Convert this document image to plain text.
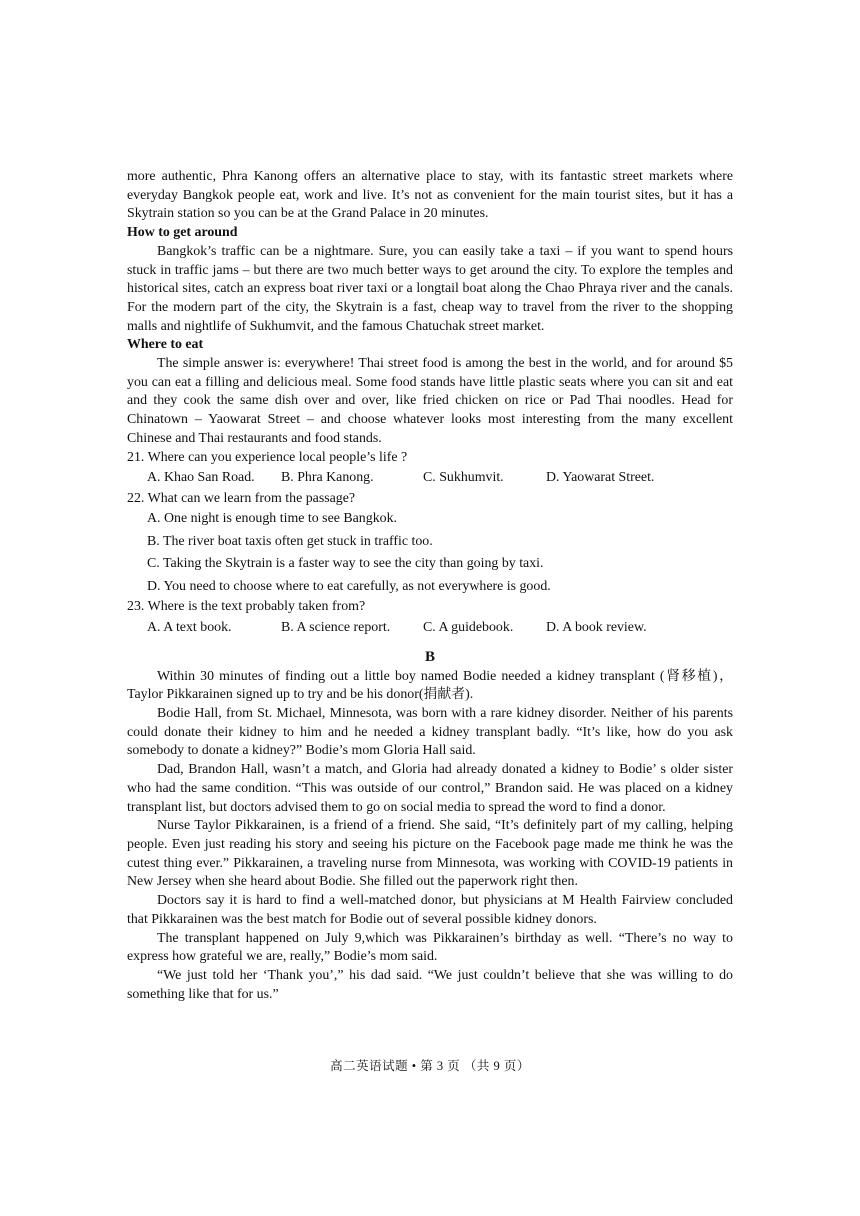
more authentic, Phra Kanong offers an alternative place to stay, with its fantastic street markets where everyday Bangkok people eat, work and live. It’s not as convenient for the main tourist sites, but it has a Skytrain station so you can be at the Grand Palace in 20 minutes.

How to get around

Bangkok’s traffic can be a nightmare. Sure, you can easily take a taxi – if you want to spend hours stuck in traffic jams – but there are two much better ways to get around the city. To explore the temples and historical sites, catch an express boat river taxi or a longtail boat along the Chao Phraya river and the canals. For the modern part of the city, the Skytrain is a fast, cheap way to travel from the river to the shopping malls and nightlife of Sukhumvit, and the famous Chatuchak street market.

Where to eat

The simple answer is: everywhere! Thai street food is among the best in the world, and for around $5 you can eat a filling and delicious meal. Some food stands have little plastic seats where you can sit and eat and they cook the same dish over and over, like fried chicken on rice or Pad Thai noodles. Head for Chinatown – Yaowarat Street – and choose whatever looks most interesting from the many excellent Chinese and Thai restaurants and food stands.

21. Where can you experience local people’s life ?

A. Khao San Road.	B. Phra Kanong.	C. Sukhumvit.	D. Yaowarat Street.

22. What can we learn from the passage?

A. One night is enough time to see Bangkok.

B. The river boat taxis often get stuck in traffic too.

C. Taking the Skytrain is a faster way to see the city than going by taxi.

D. You need to choose where to eat carefully, as not everywhere is good.

23. Where is the text probably taken from?

A. A text book.	B. A science report.	C. A guidebook.	D. A book review.

B

Within 30 minutes of finding out a little boy named Bodie needed a kidney transplant (肾移植)，Taylor Pikkarainen signed up to try and be his donor(捐献者).

Bodie Hall, from St. Michael, Minnesota, was born with a rare kidney disorder. Neither of his parents could donate their kidney to him and he needed a kidney transplant badly. “It’s like, how do you ask somebody to donate a kidney?” Bodie’s mom Gloria Hall said.

Dad, Brandon Hall, wasn’t a match, and Gloria had already donated a kidney to Bodie’ s older sister who had the same condition. “This was outside of our control,” Brandon said. He was placed on a kidney transplant list, but doctors advised them to go on social media to spread the word to find a donor.

Nurse Taylor Pikkarainen, is a friend of a friend. She said, “It’s definitely part of my calling, helping people. Even just reading his story and seeing his picture on the Facebook page made me think he was the cutest thing ever.” Pikkarainen, a traveling nurse from Minnesota, was working with COVID-19 patients in New Jersey when she heard about Bodie. She filled out the paperwork right then.

Doctors say it is hard to find a well-matched donor, but physicians at M Health Fairview concluded that Pikkarainen was the best match for Bodie out of several possible kidney donors.

The transplant happened on July 9,which was Pikkarainen’s birthday as well. “There’s no way to express how grateful we are, really,” Bodie’s mom said.

“We just told her ‘Thank you’,” his dad said. “We just couldn’t believe that she was willing to do something like that for us.”

高二英语试题 • 第 3 页 （共 9 页）
